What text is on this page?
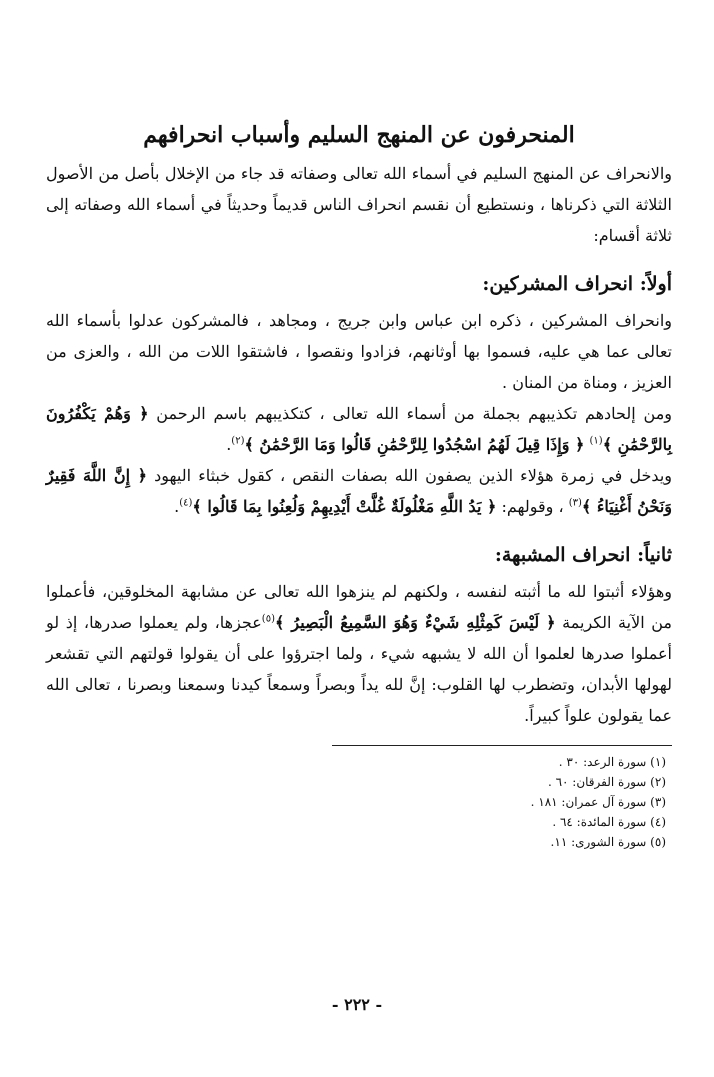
المنحرفون عن المنهج السليم وأسباب انحرافهم

والانحراف عن المنهج السليم في أسماء الله تعالى وصفاته قد جاء من الإخلال بأصل من الأصول الثلاثة التي ذكرناها ، ونستطيع أن نقسم انحراف الناس قديماً وحديثاً في أسماء الله وصفاته إلى ثلاثة أقسام:

أولاً: انحراف المشركين:

وانحراف المشركين ، ذكره ابن عباس وابن جريج ، ومجاهد ، فالمشركون عدلوا بأسماء الله تعالى عما هي عليه، فسموا بها أوثانهم، فزادوا ونقصوا ، فاشتقوا اللات من الله ، والعزى من العزيز ، ومناة من المنان .

ومن إلحادهم تكذيبهم بجملة من أسماء الله تعالى ، كتكذيبهم باسم الرحمن ﴿ وَهُمْ يَكْفُرُونَ بِالرَّحْمَٰنِ ﴾$^{(١)}$ ﴿ وَإِذَا قِيلَ لَهُمُ اسْجُدُوا لِلرَّحْمَٰنِ قَالُوا وَمَا الرَّحْمَٰنُ ﴾$^{(٢)}$.

ويدخل في زمرة هؤلاء الذين يصفون الله بصفات النقص ، كقول خبثاء اليهود ﴿ إِنَّ اللَّهَ فَقِيرٌ وَنَحْنُ أَغْنِيَاءُ ﴾$^{(٣)}$ ، وقولهم: ﴿ يَدُ اللَّهِ مَغْلُولَةٌ غُلَّتْ أَيْدِيهِمْ وَلُعِنُوا بِمَا قَالُوا ﴾$^{(٤)}$.

ثانياً: انحراف المشبهة:

وهؤلاء أثبتوا لله ما أثبته لنفسه ، ولكنهم لم ينزهوا الله تعالى عن مشابهة المخلوقين، فأعملوا من الآية الكريمة ﴿ لَيْسَ كَمِثْلِهِ شَيْءٌ وَهُوَ السَّمِيعُ الْبَصِيرُ ﴾$^{(٥)}$عجزها، ولم يعملوا صدرها، إذ لو أعملوا صدرها لعلموا أن الله لا يشبهه شيء ، ولما اجترؤوا على أن يقولوا قولتهم التي تقشعر لهولها الأبدان، وتضطرب لها القلوب: إنَّ لله يداً وبصراً وسمعاً كيدنا وسمعنا وبصرنا ، تعالى الله عما يقولون علواً كبيراً.

(١) سورة الرعد: ٣٠ .

(٢) سورة الفرقان: ٦٠ .

(٣) سورة آل عمران: ١٨١ .

(٤) سورة المائدة: ٦٤ .

(٥) سورة الشورى: ١١.

- ٢٢٢ -
